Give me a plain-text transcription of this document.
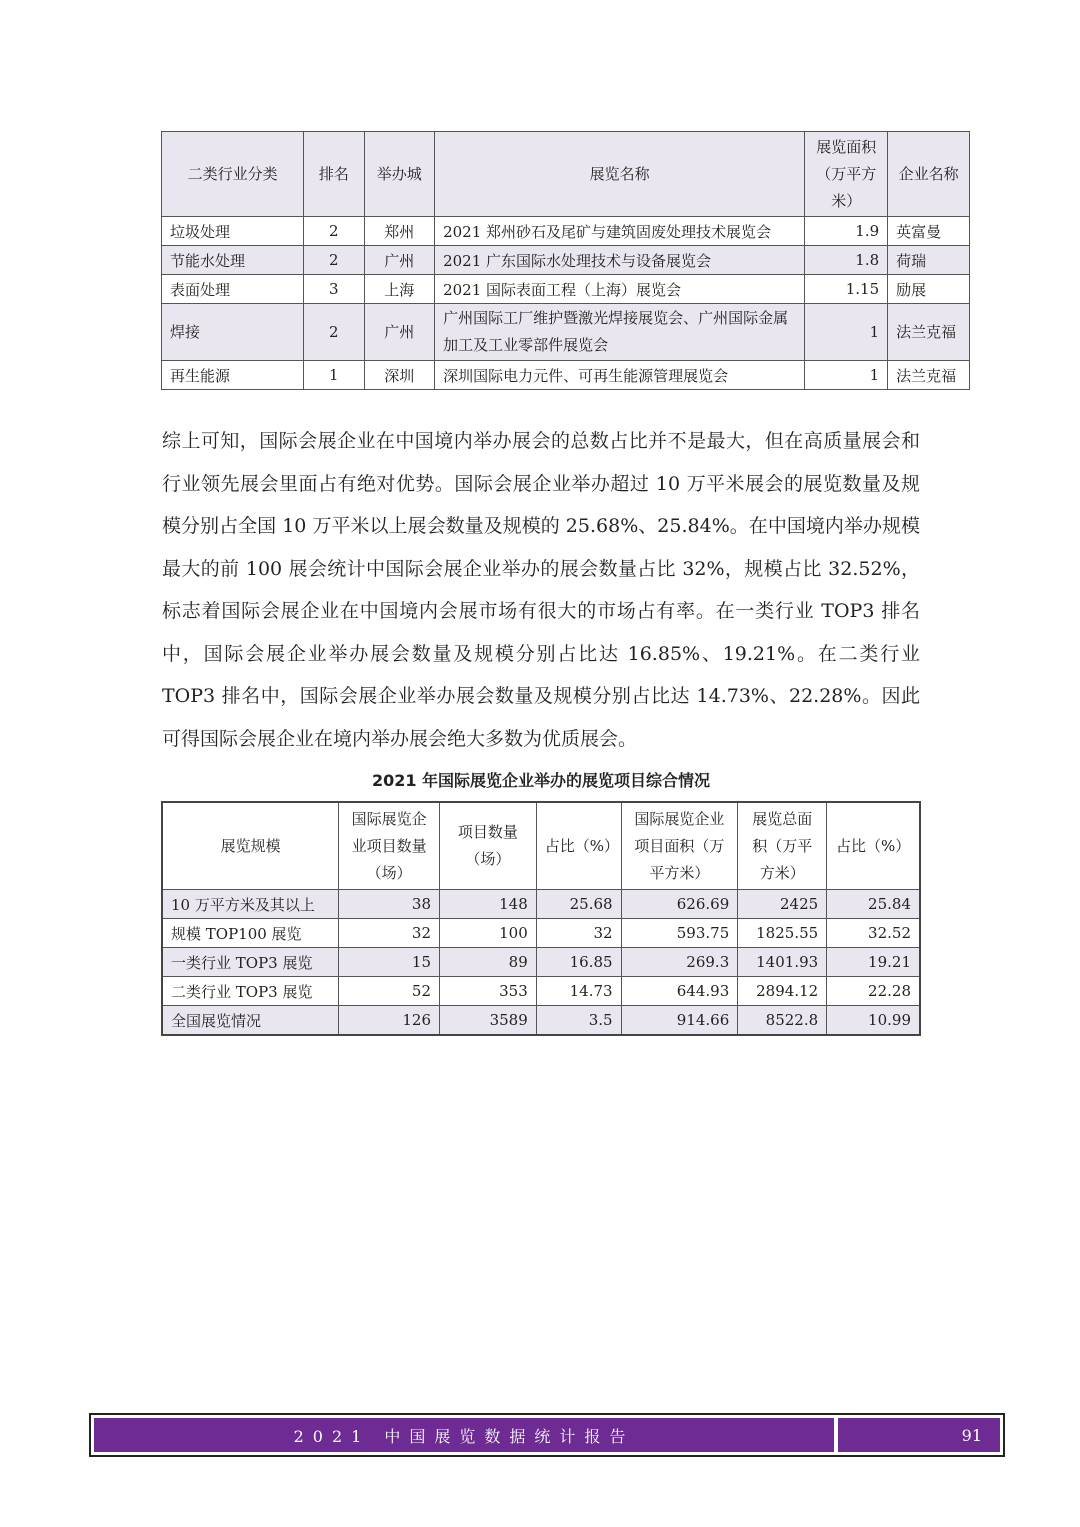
二类行业分类	排名	举办城	展览名称	展览面积（万平方米）	企业名称
垃圾处理	2	郑州	2021 郑州砂石及尾矿与建筑固废处理技术展览会	1.9	英富曼
节能水处理	2	广州	2021 广东国际水处理技术与设备展览会	1.8	荷瑞
表面处理	3	上海	2021 国际表面工程（上海）展览会	1.15	励展
焊接	2	广州	广州国际工厂维护暨激光焊接展览会、广州国际金属加工及工业零部件展览会	1	法兰克福
再生能源	1	深圳	深圳国际电力元件、可再生能源管理展览会	1	法兰克福

综上可知，国际会展企业在中国境内举办展会的总数占比并不是最大，但在高质量展会和行业领先展会里面占有绝对优势。国际会展企业举办超过 10 万平米展会的展览数量及规模分别占全国 10 万平米以上展会数量及规模的 25.68%、25.84%。在中国境内举办规模最大的前 100 展会统计中国际会展企业举办的展会数量占比 32%，规模占比 32.52%，标志着国际会展企业在中国境内会展市场有很大的市场占有率。在一类行业 TOP3 排名中，国际会展企业举办展会数量及规模分别占比达 16.85%、19.21%。在二类行业 TOP3 排名中，国际会展企业举办展会数量及规模分别占比达 14.73%、22.28%。因此可得国际会展企业在境内举办展会绝大多数为优质展会。

2021 年国际展览企业举办的展览项目综合情况

展览规模	国际展览企业项目数量（场）	项目数量（场）	占比（%）	国际展览企业项目面积（万平方米）	展览总面积（万平方米）	占比（%）
10 万平方米及其以上	38	148	25.68	626.69	2425	25.84
规模 TOP100 展览	32	100	32	593.75	1825.55	32.52
一类行业 TOP3 展览	15	89	16.85	269.3	1401.93	19.21
二类行业 TOP3 展览	52	353	14.73	644.93	2894.12	22.28
全国展览情况	126	3589	3.5	914.66	8522.8	10.99
2021 中国展览数据统计报告	91
